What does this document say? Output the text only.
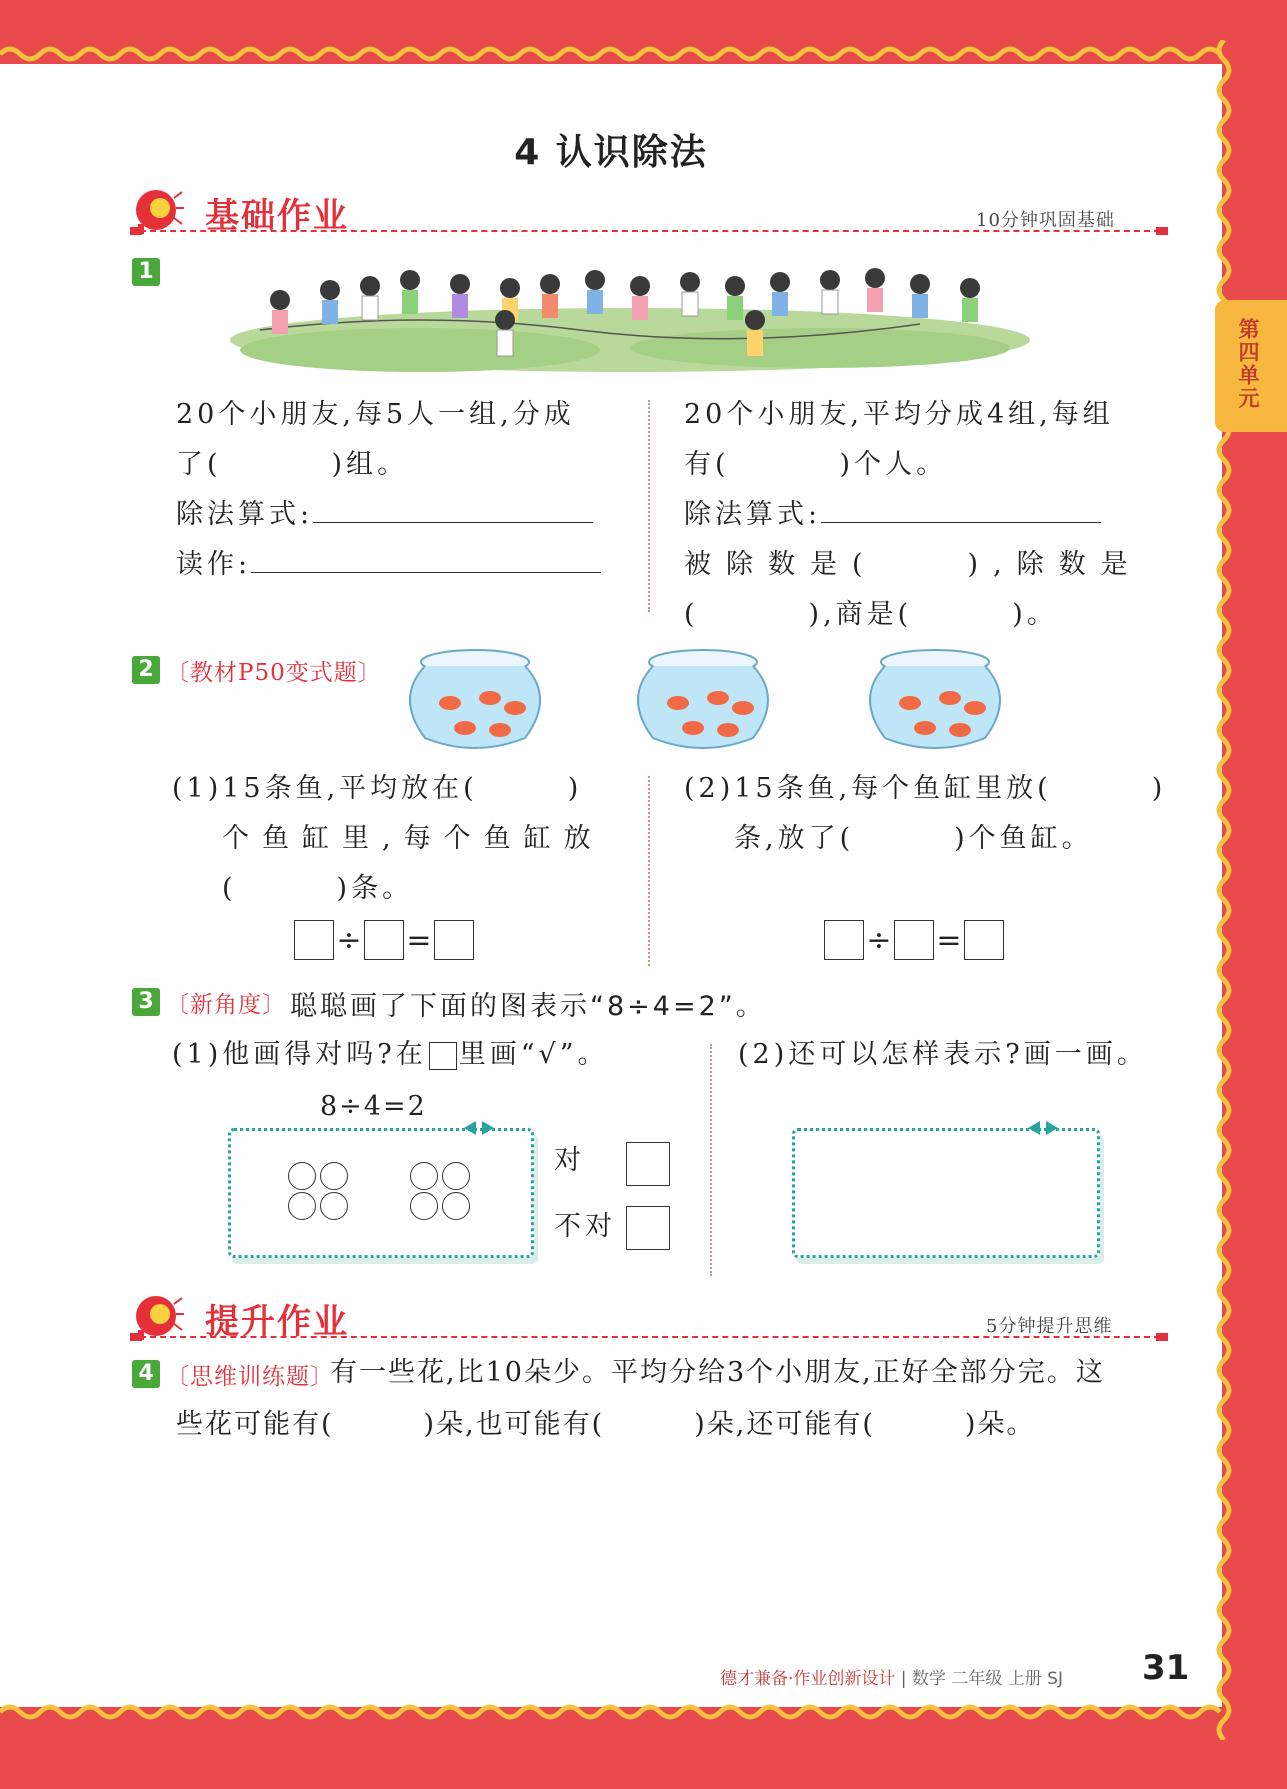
4 认识除法
基础作业	10分钟巩固基础
1
20个小朋友,每5人一组,分成
了(	)组。
除法算式:
读作:
20个小朋友,平均分成4组,每组
有(	)个人。
除法算式:
被除数是(	),除数是
(	),商是(	)。
2 〔教材P50变式题〕
(1)15条鱼,平均放在(	)
个鱼缸里,每个鱼缸放
(	)条。
÷ =
(2)15条鱼,每个鱼缸里放(	)
条,放了(	)个鱼缸。
÷ =
3 〔新角度〕 聪聪画了下面的图表示“8÷4=2”。
(1)他画得对吗?在 里画“√”。
8÷4=2
对
不对
(2)还可以怎样表示?画一画。
提升作业	5分钟提升思维
4 〔思维训练题〕
有一些花,比10朵少。平均分给3个小朋友,正好全部分完。这
些花可能有(	)朵,也可能有(	)朵,还可能有(	)朵。
德才兼备·作业创新设计 | 数学 二年级 上册 SJ 31
第四单元
